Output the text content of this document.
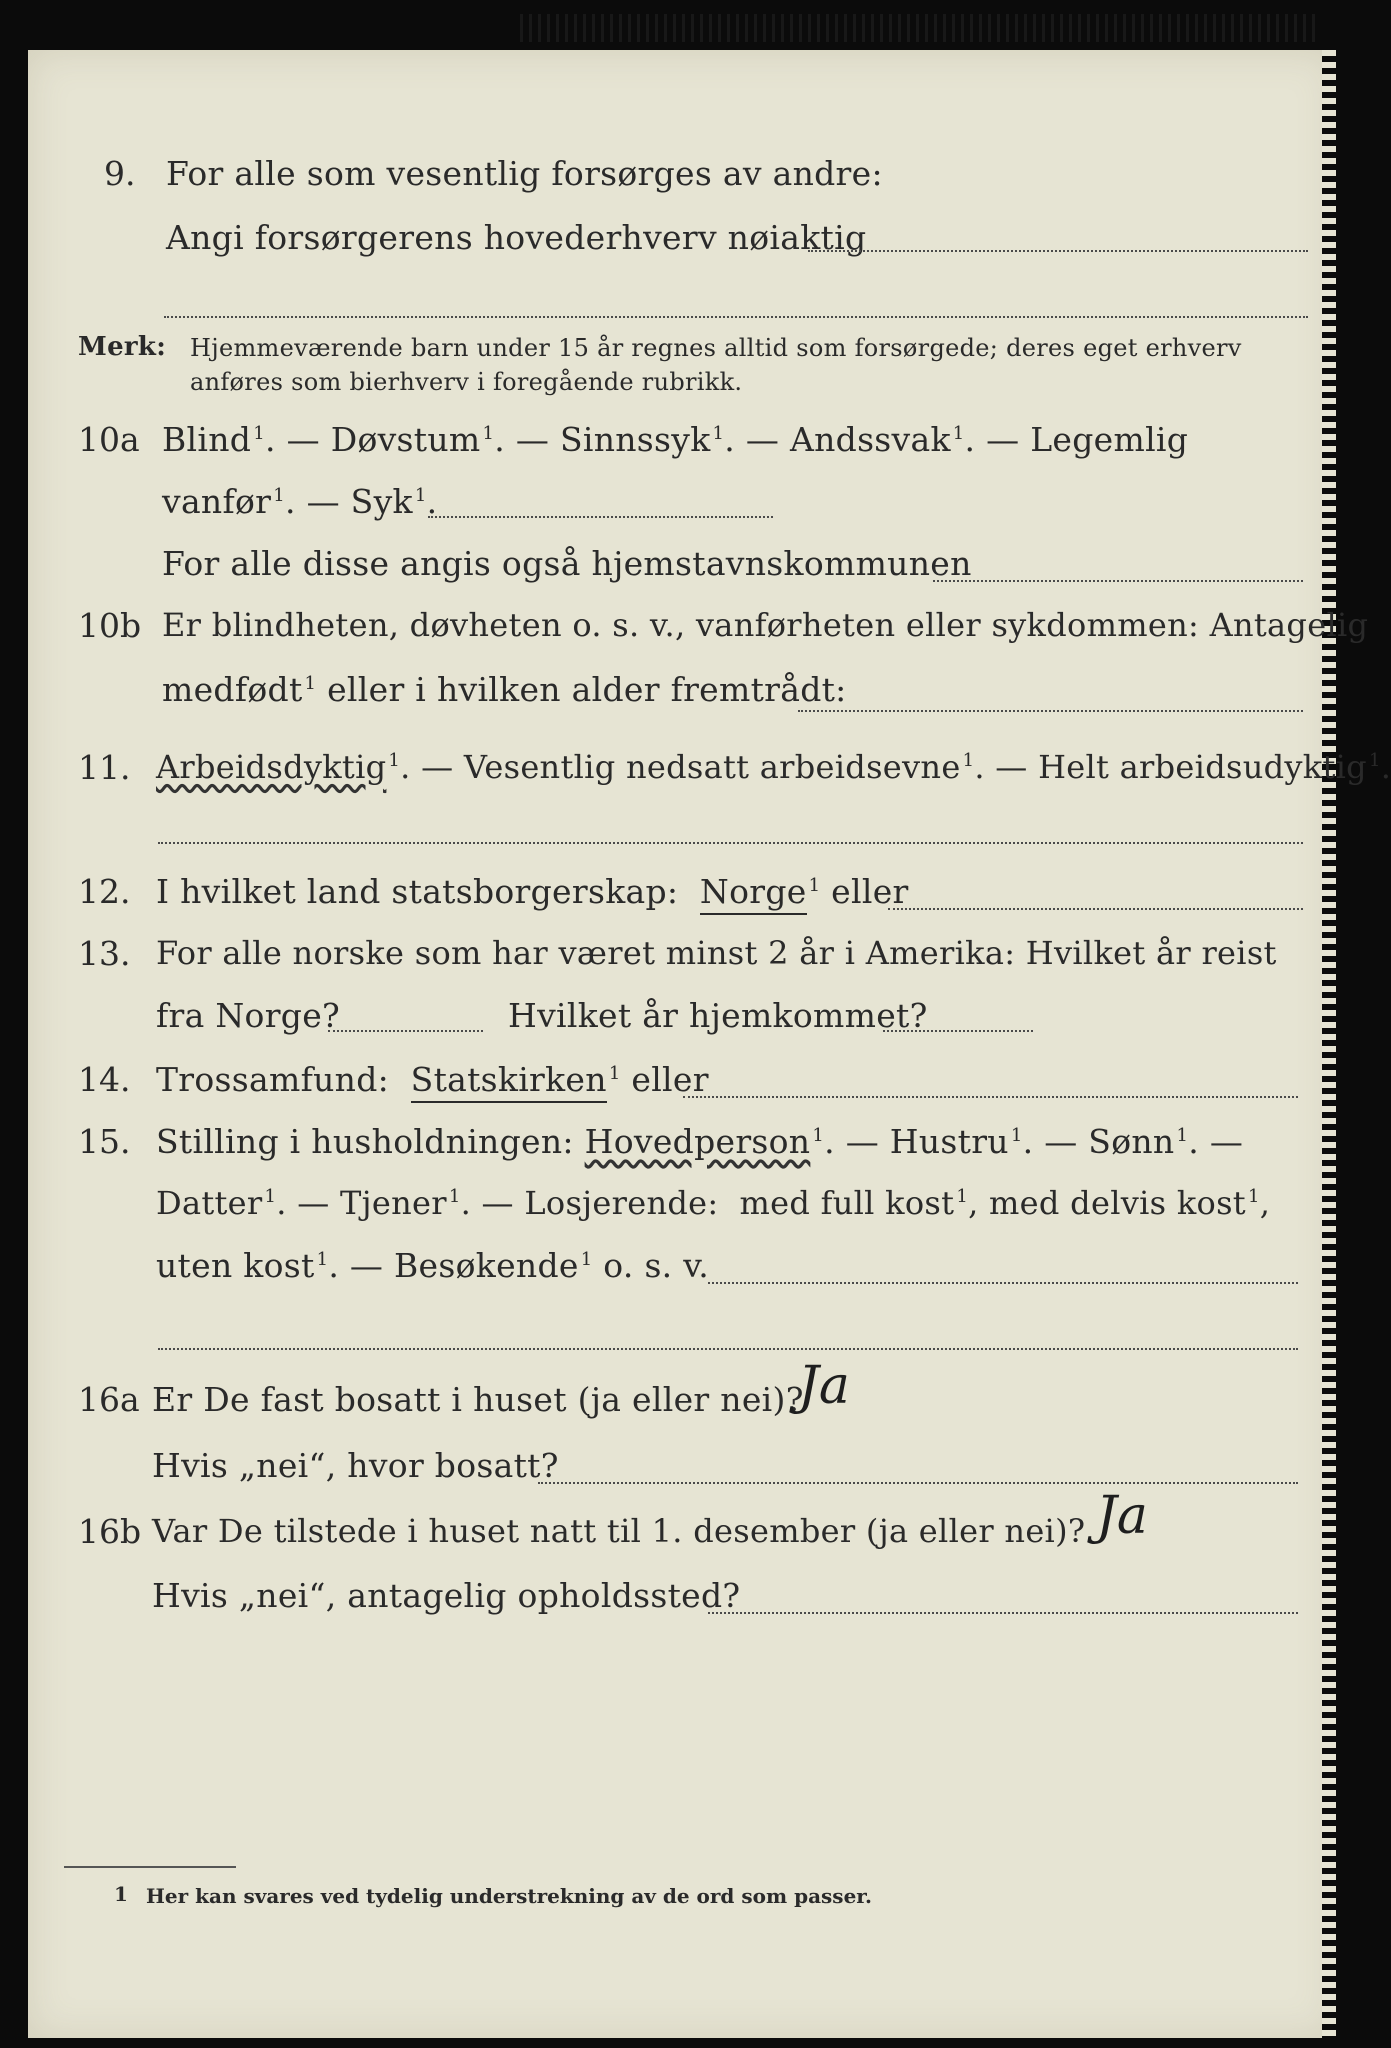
9. For alle som vesentlig forsørges av andre:
Angi forsørgerens hovederhverv nøiaktig
Merk: Hjemmeværende barn under 15 år regnes alltid som forsørgede; deres eget erhverv
anføres som bierhverv i foregående rubrikk.
10a Blind $^1$. — Døvstum $^1$. — Sinnssyk $^1$. — Andssvak $^1$. — Legemlig
vanfør $^1$. — Syk $^1$.
For alle disse angis også hjemstavnskommunen
10b Er blindheten, døvheten o. s. v., vanførheten eller sykdommen: Antagelig
medfødt $^1$ eller i hvilken alder fremtrådt:
11. Arbeidsdyktig $^1$. — Vesentlig nedsatt arbeidsevne $^1$. — Helt arbeidsudyktig $^1$.
12. I hvilket land statsborgerskap: Norge $^1$ eller
13. For alle norske som har været minst 2 år i Amerika: Hvilket år reist
fra Norge?	Hvilket år hjemkommet?
14. Trossamfund: Statskirken $^1$ eller
15. Stilling i husholdningen: Hovedperson $^1$. — Hustru $^1$. — Sønn $^1$. —
Datter $^1$. — Tjener $^1$. — Losjerende: med full kost $^1$, med delvis kost $^1$,
uten kost $^1$. — Besøkende $^1$ o. s. v.
16a Er De fast bosatt i huset (ja eller nei)?
Ja
Hvis „nei“, hvor bosatt?
16b Var De tilstede i huset natt til 1. desember (ja eller nei)? Ja
Hvis „nei“, antagelig opholdssted?
1 Her kan svares ved tydelig understrekning av de ord som passer.
